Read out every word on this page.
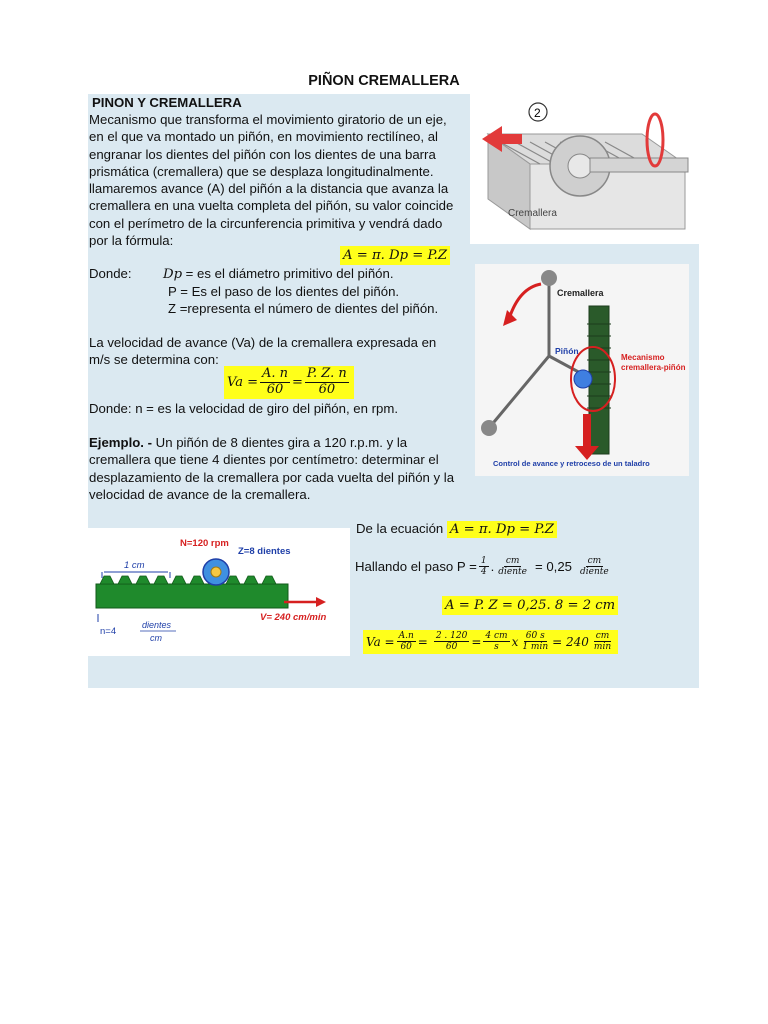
PIÑON CREMALLERA
PINON Y CREMALLERA
Mecanismo que transforma el movimiento giratorio de un eje,
en el que va montado un piñón, en movimiento rectilíneo, al
engranar los dientes del piñón con los dientes de una barra
prismática (cremallera) que se desplaza longitudinalmente.
llamaremos avance (A) del piñón a la distancia que avanza la
cremallera en una vuelta completa del piñón, su valor coincide
con el perímetro de la circunferencia primitiva y vendrá dado
por la fórmula:
A = π. Dp = P.Z
Donde: Dp = es el diámetro primitivo del piñón.
P = Es el paso de los dientes del piñón.
Z =representa el número de dientes del piñón.
La velocidad de avance (Va) de la cremallera expresada en
m/s se determina con:
$Va = \frac{A. n}{60} = \frac{P. Z. n}{60}$
Donde: n = es la velocidad de giro del piñón, en rpm.
Ejemplo. - Un piñón de 8 dientes gira a 120 r.p.m. y la
cremallera que tiene 4 dientes por centímetro: determinar el
desplazamiento de la cremallera por cada vuelta del piñón y la
velocidad de avance de la cremallera.
De la ecuación A = π. Dp = P.Z
Hallando el paso $P = \frac{1}{4}$ . $\frac{cm}{\text{diente}} = 0,25 \frac{cm}{\text{diente}}$
A = P. Z = 0,25. 8 = 2 cm
$Va = \frac{A.n}{60} = \frac{2 . 120}{60} = \frac{4 cm}{s}$ x $\frac{60 s}{1 \min} = 240 \frac{cm}{\min}$
2
Cremallera
Cremallera
Piñón
Mecanismo
cremallera-piñón
Control de avance y retroceso de un taladro
N=120 rpm
Z=8 dientes
1 cm
V= 240 cm/min
n=4
dientes
cm
